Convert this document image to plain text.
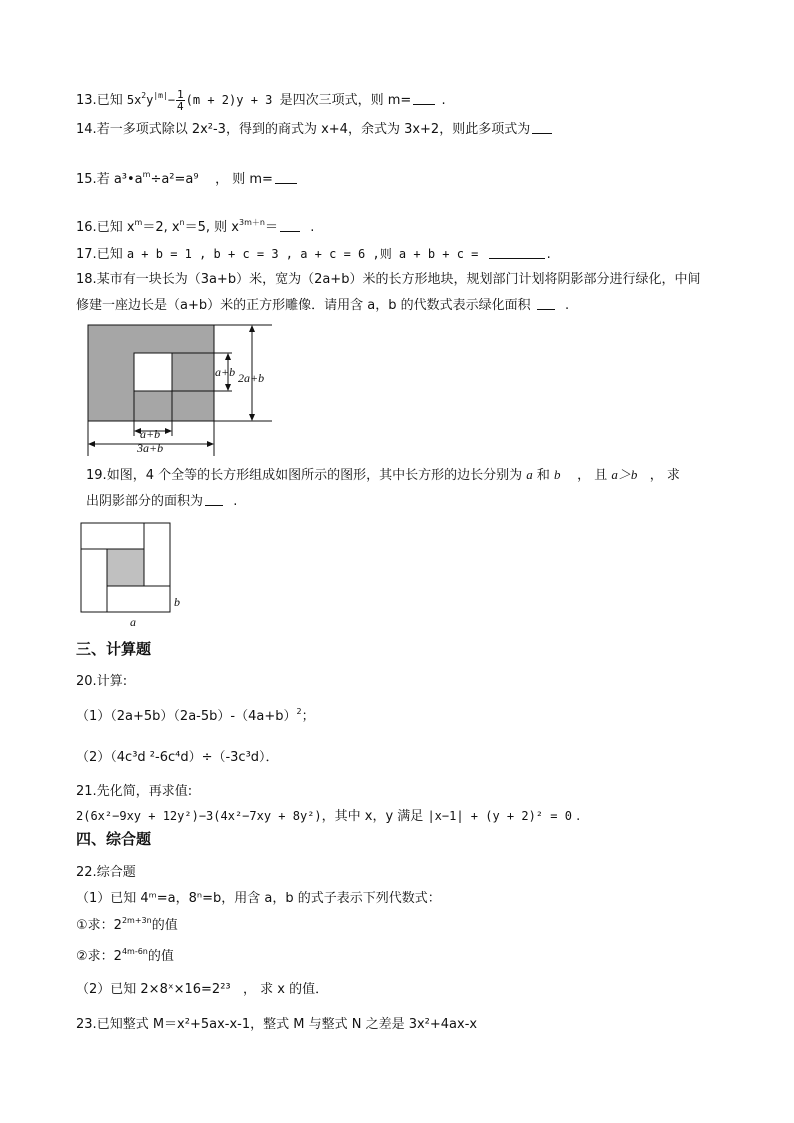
13.已知 $5x^2y^{|m|}- \frac{1}{4} (m + 2)y + 3$ 是四次三项式，则 m= .
14.若一多项式除以 2x²-3，得到的商式为 x+4，余式为 3x+2，则此多项式为
15.若 $a^3•a^m\div a^2=a^9$ ， 则 m=
16.已知 $x^m=2$, $x^n=5$, 则 $x^{3m+n}=$ .
17.已知 a + b = 1 , b + c = 3 , a + c = 6 ,则 a + b + c =	.
18.某市有一块长为（3a+b）米，宽为（2a+b）米的长方形地块，规划部门计划将阴影部分进行绿化，中间
修建一座边长是（a+b）米的正方形雕像．请用含 a，b 的代数式表示绿化面积	.
a+b 2a+b
a+b
3a+b
19.如图，4 个全等的长方形组成如图所示的图形，其中长方形的边长分别为 a 和 b ， 且 a＞b ， 求
出阴影部分的面积为 .
b
a
三、计算题
20.计算:
$(1)(2a+5b)(2a-5b)-(4a+b)^2$；
（2）（4c³d ²-6c⁴d）÷（-3c³d）．
21.先化简，再求值:
2(6x²−9xy + 12y²)−3(4x²−7xy + 8y²)，其中 x，y 满足 |x−1| + (y + 2)² = 0 .
四、综合题
22.综合题
（1）已知 4ᵐ=a，8ⁿ=b，用含 a，b 的式子表示下列代数式：
①求：$2^{2m+3n}$的值
②求：$2^{4m-6n}$的值
（2）已知 2×8ˣ×16=2²³ ， 求 x 的值．
23.已知整式 M＝x²+5ax-x-1，整式 M 与整式 N 之差是 3x²+4ax-x
